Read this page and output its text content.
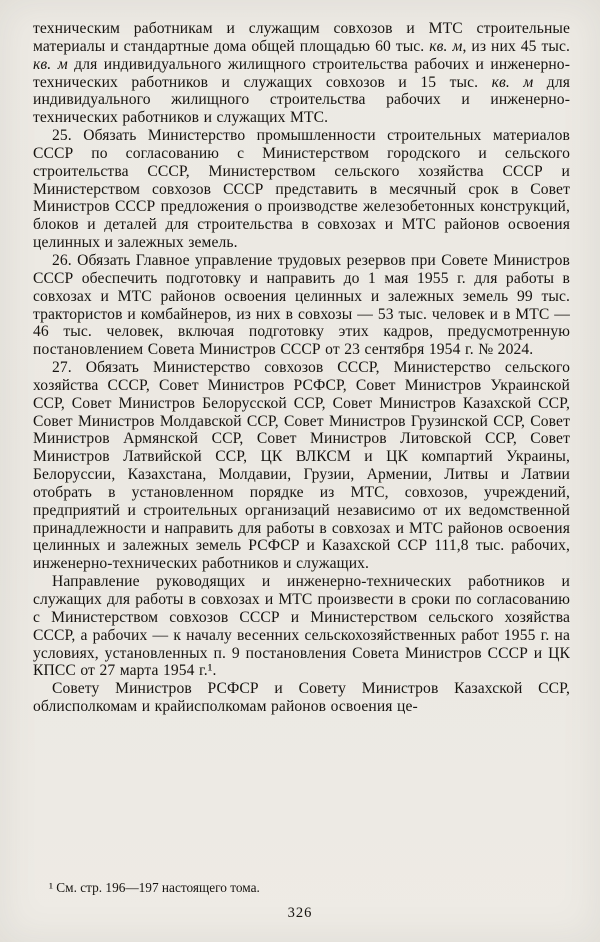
техническим работникам и служащим совхозов и МТС строительные материалы и стандартные дома общей площадью 60 тыс. кв. м, из них 45 тыс. кв. м для индивидуального жилищного строительства рабочих и инженерно-технических работников и служащих совхозов и 15 тыс. кв. м для индивидуального жилищного строительства рабочих и инженерно-технических работников и служащих МТС.

25. Обязать Министерство промышленности строительных материалов СССР по согласованию с Министерством городского и сельского строительства СССР, Министерством сельского хозяйства СССР и Министерством совхозов СССР представить в месячный срок в Совет Министров СССР предложения о производстве железобетонных конструкций, блоков и деталей для строительства в совхозах и МТС районов освоения целинных и залежных земель.

26. Обязать Главное управление трудовых резервов при Совете Министров СССР обеспечить подготовку и направить до 1 мая 1955 г. для работы в совхозах и МТС районов освоения целинных и залежных земель 99 тыс. трактористов и комбайнеров, из них в совхозы — 53 тыс. человек и в МТС — 46 тыс. человек, включая подготовку этих кадров, предусмотренную постановлением Совета Министров СССР от 23 сентября 1954 г. № 2024.

27. Обязать Министерство совхозов СССР, Министерство сельского хозяйства СССР, Совет Министров РСФСР, Совет Министров Украинской ССР, Совет Министров Белорусской ССР, Совет Министров Казахской ССР, Совет Министров Молдавской ССР, Совет Министров Грузинской ССР, Совет Министров Армянской ССР, Совет Министров Литовской ССР, Совет Министров Латвийской ССР, ЦК ВЛКСМ и ЦК компартий Украины, Белоруссии, Казахстана, Молдавии, Грузии, Армении, Литвы и Латвии отобрать в установленном порядке из МТС, совхозов, учреждений, предприятий и строительных организаций независимо от их ведомственной принадлежности и направить для работы в совхозах и МТС районов освоения целинных и залежных земель РСФСР и Казахской ССР 111,8 тыс. рабочих, инженерно-технических работников и служащих.

Направление руководящих и инженерно-технических работников и служащих для работы в совхозах и МТС произвести в сроки по согласованию с Министерством совхозов СССР и Министерством сельского хозяйства СССР, а рабочих — к началу весенних сельскохозяйственных работ 1955 г. на условиях, установленных п. 9 постановления Совета Министров СССР и ЦК КПСС от 27 марта 1954 г.¹.

Совету Министров РСФСР и Совету Министров Казахской ССР, облисполкомам и крайисполкомам районов освоения це-

¹ См. стр. 196—197 настоящего тома.
326
